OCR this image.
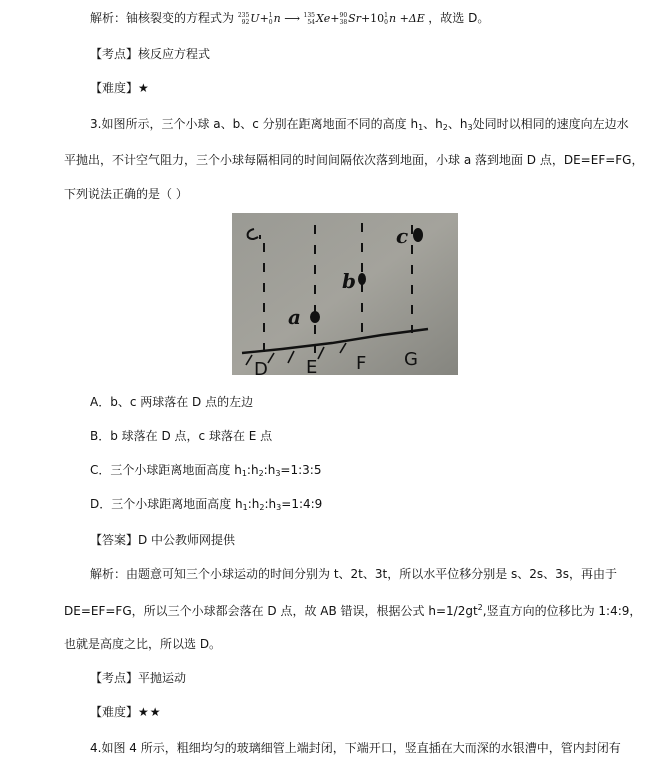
解析：铀核裂变的方程式为 235
92 U+ 1
0 n ⟶ 135
54 Xe+ 90
38 Sr+10 1
0 n +ΔE ，故选 D。
【考点】核反应方程式
【难度】★
3.如图所示，三个小球 a、b、c 分别在距离地面不同的高度 $h_1$、$h_2$、$h_3$处同时以相同的速度向左边水
平抛出，不计空气阻力，三个小球每隔相同的时间间隔依次落到地面，小球 a 落到地面 D 点，DE=EF=FG，
下列说法正确的是（ ）
a
b
c
D E F G
A．b、c 两球落在 D 点的左边
B．b 球落在 D 点，c 球落在 E 点
C．三个小球距离地面高度 $h_1:h_2:h_3=1:3:5$
D．三个小球距离地面高度 $h_1:h_2:h_3=1:4:9$
【答案】D 中公教师网提供
解析：由题意可知三个小球运动的时间分别为 t、2t、3t，所以水平位移分别是 s、2s、3s，再由于
DE=EF=FG，所以三个小球都会落在 D 点，故 AB 错误，根据公式 $h=1/2gt^2$,竖直方向的位移比为 1:4:9，
也就是高度之比，所以选 D。
【考点】平抛运动
【难度】★★
4.如图 4 所示，粗细均匀的玻璃细管上端封闭，下端开口，竖直插在大而深的水银漕中，管内封闭有
